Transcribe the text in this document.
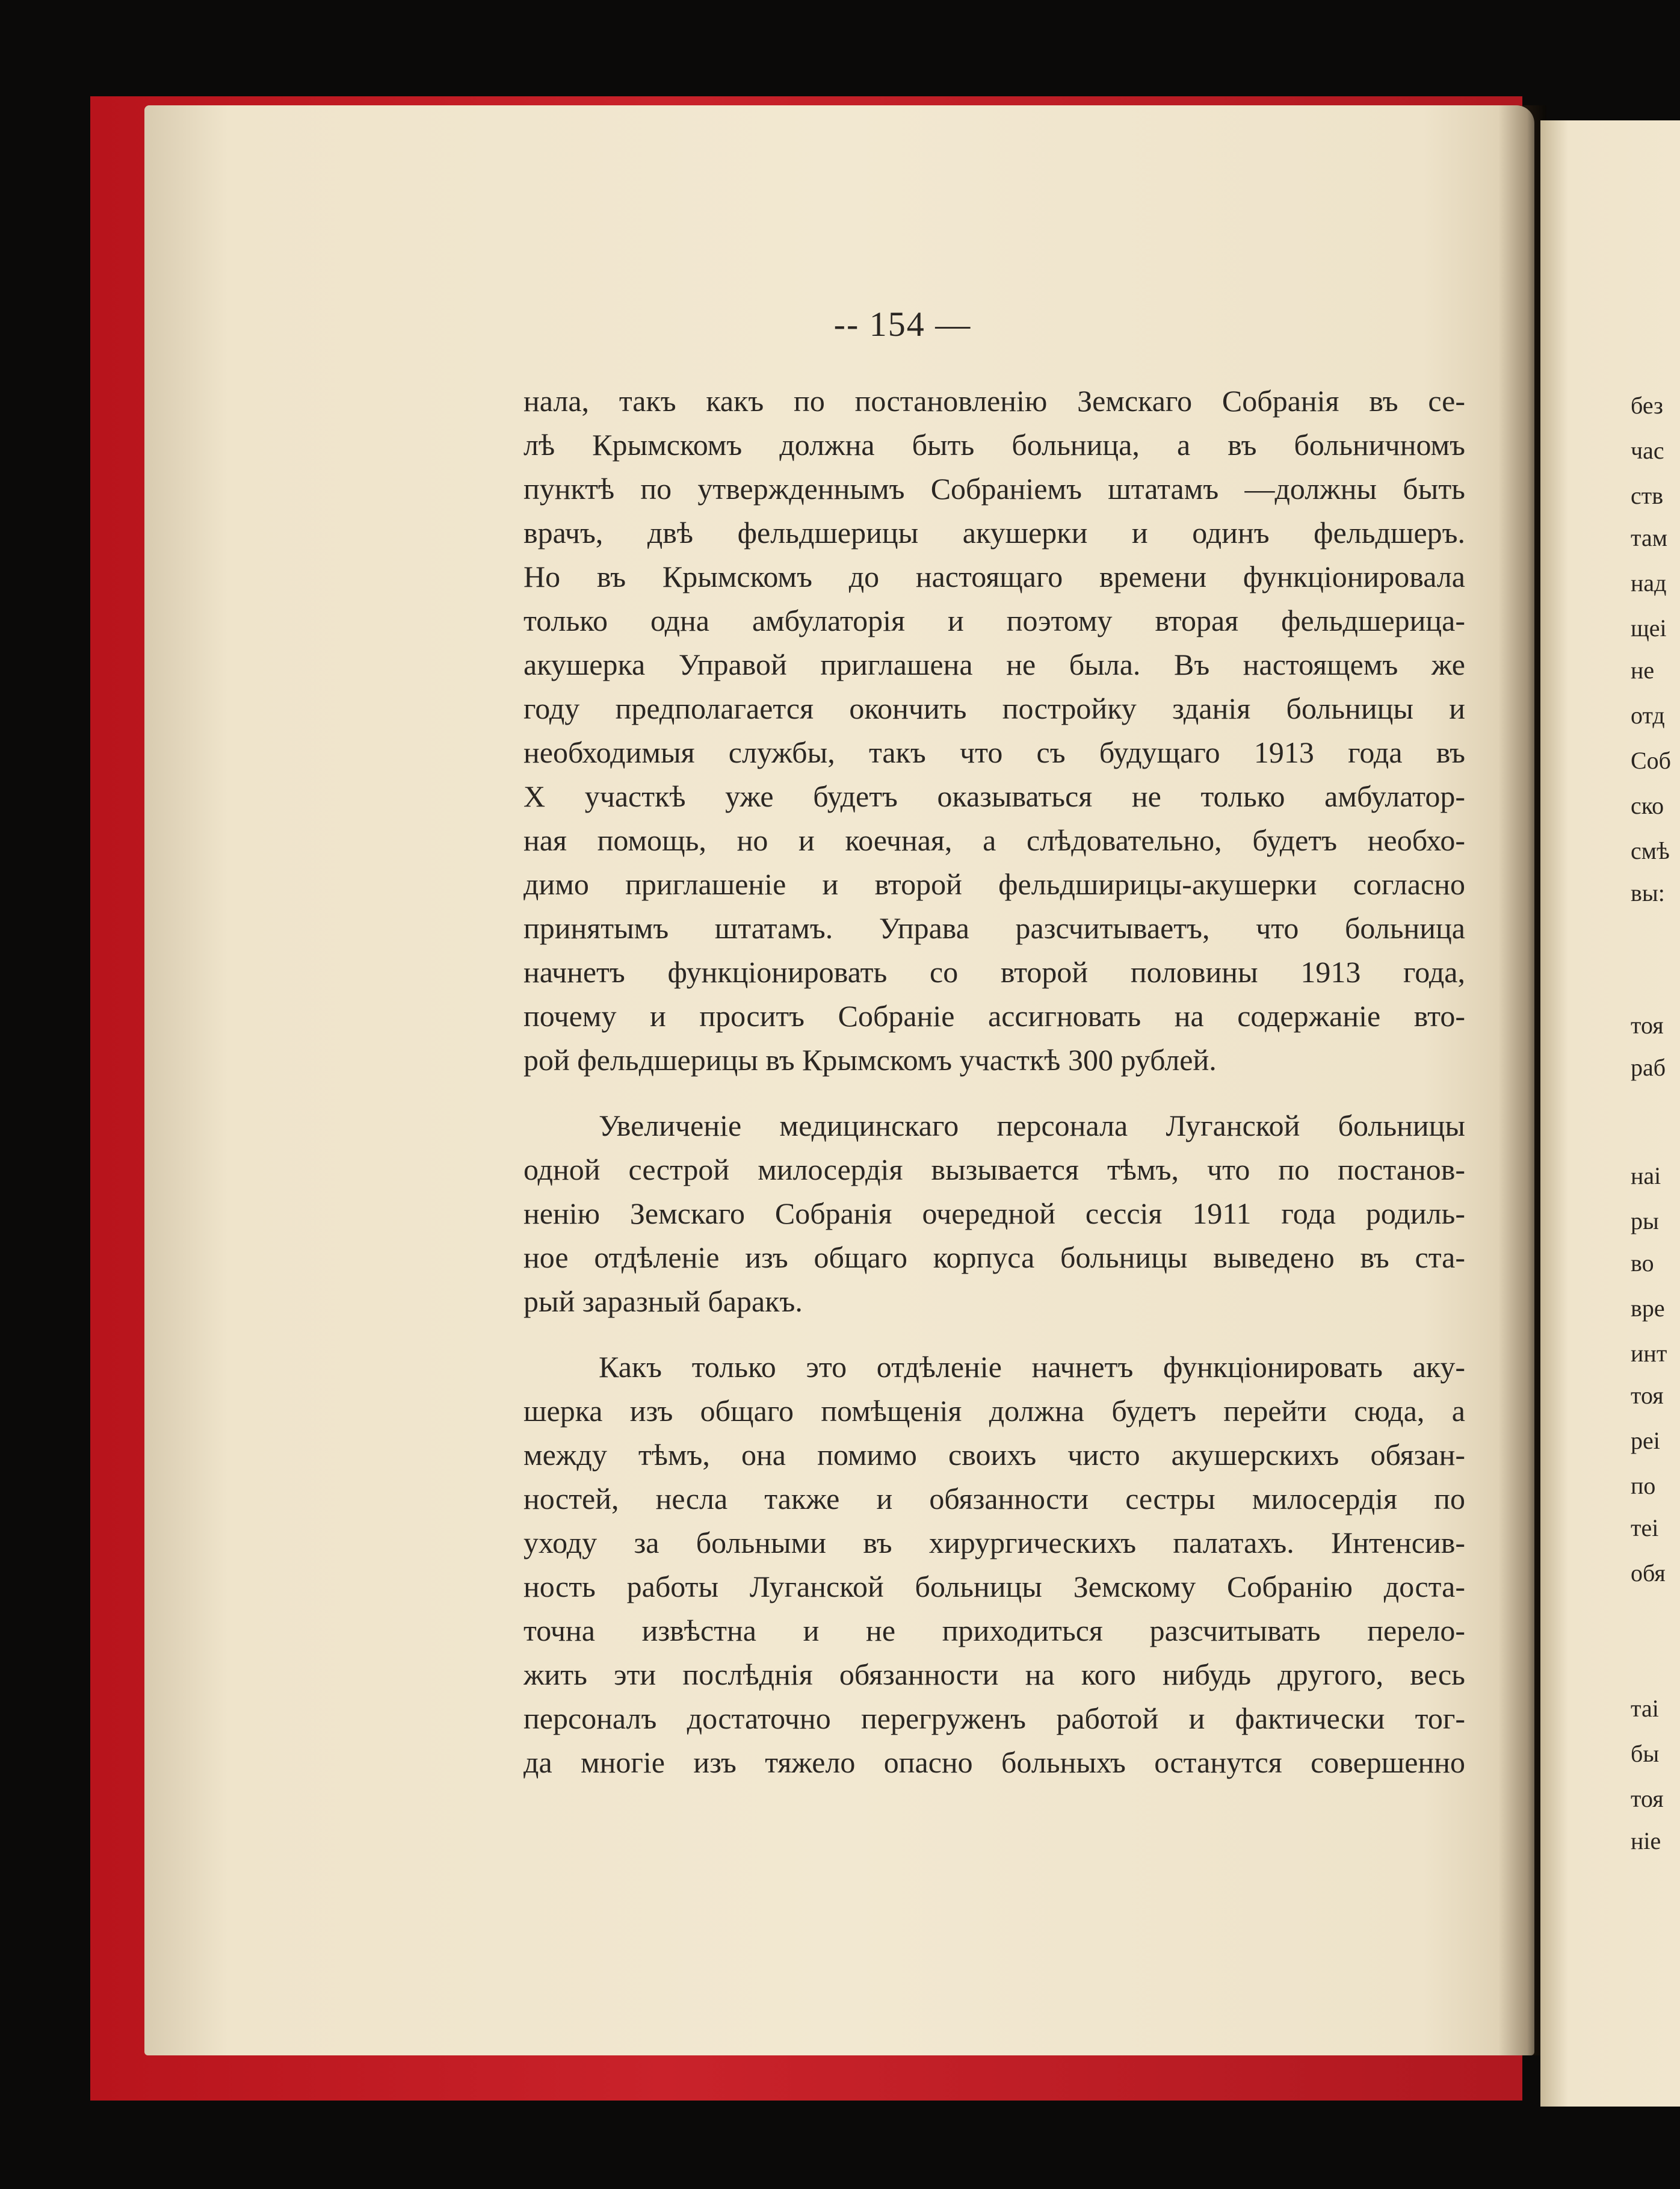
-- 154 —
нала, такъ какъ по постановленію Земскаго Собранія въ се-
лѣ Крымскомъ должна быть больница, а въ больничномъ
пунктѣ по утвержденнымъ Собраніемъ штатамъ —должны быть
врачъ, двѣ фельдшерицы акушерки и одинъ фельдшеръ.
Но въ Крымскомъ до настоящаго времени функціонировала
только одна амбулаторія и поэтому вторая фельдшерица-
акушерка Управой приглашена не была. Въ настоящемъ же
году предполагается окончить постройку зданія больницы и
необходимыя службы, такъ что съ будущаго 1913 года въ
X участкѣ уже будетъ оказываться не только амбулатор-
ная помощь, но и коечная, а слѣдовательно, будетъ необхо-
димо приглашеніе и второй фельдширицы-акушерки согласно
принятымъ штатамъ. Управа разсчитываетъ, что больница
начнетъ функціонировать со второй половины 1913 года,
почему и проситъ Собраніе ассигновать на содержаніе вто-
рой фельдшерицы въ Крымскомъ участкѣ 300 рублей.
Увеличеніе медицинскаго персонала Луганской больницы
одной сестрой милосердія вызывается тѣмъ, что по постанов-
ненію Земскаго Собранія очередной сессія 1911 года родиль-
ное отдѣленіе изъ общаго корпуса больницы выведено въ ста-
рый заразный баракъ.
Какъ только это отдѣленіе начнетъ функціонировать аку-
шерка изъ общаго помѣщенія должна будетъ перейти сюда, а
между тѣмъ, она помимо своихъ чисто акушерскихъ обязан-
ностей, несла также и обязанности сестры милосердія по
уходу за больными въ хирургическихъ палатахъ. Интенсив-
ность работы Луганской больницы Земскому Собранію доста-
точна извѣстна и не приходиться разсчитывать перело-
жить эти послѣднія обязанности на кого нибудь другого, весь
персоналъ достаточно перегруженъ работой и фактически тог-
да многіе изъ тяжело опасно больныхъ останутся совершенно
без
час
ств
там
над
щеі
не
отд
Соб
ско
смѣ
вы:
тоя
раб
наі
ры
во
вре
инт
тоя
реі
по
теі
обя
таі
бы
тоя
ніе
